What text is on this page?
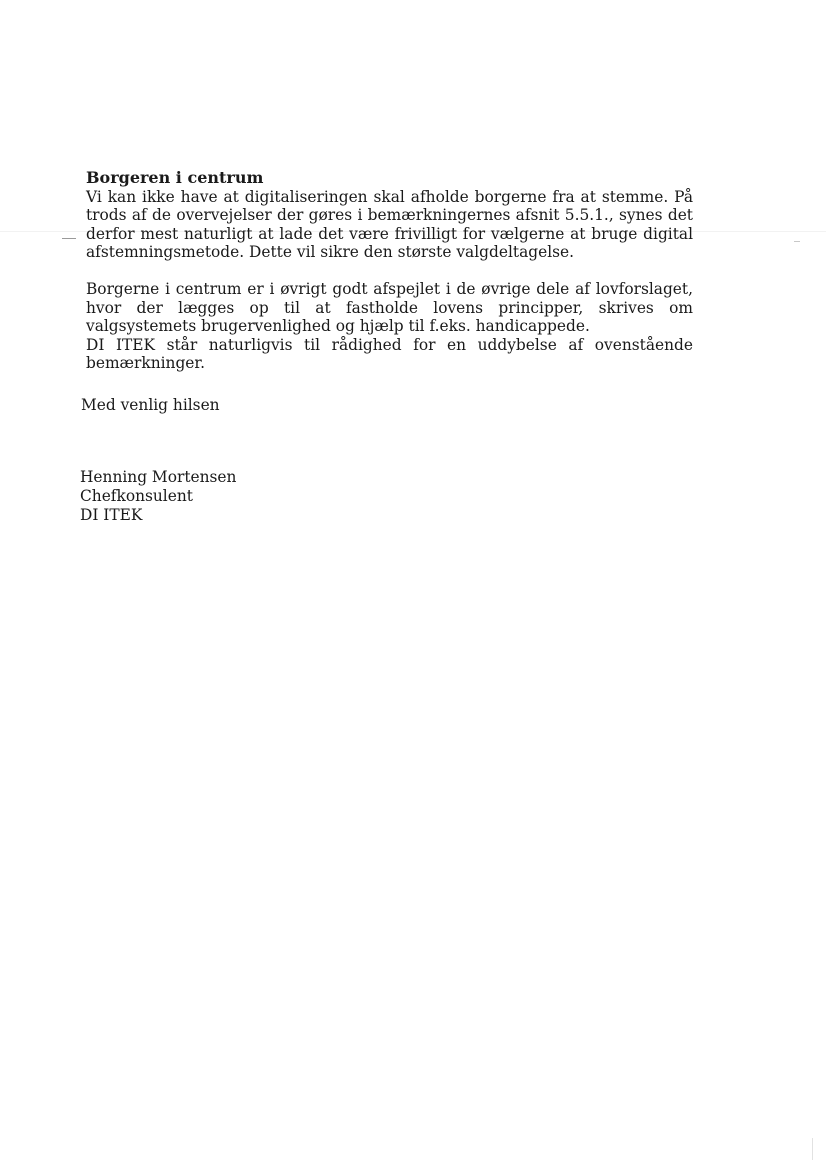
Borgeren i centrum

Vi kan ikke have at digitaliseringen skal afholde borgerne fra at stemme. På trods af de overvejelser der gøres i bemærkningernes afsnit 5.5.1., synes det derfor mest naturligt at lade det være frivilligt for vælgerne at bruge digital afstemningsmetode. Dette vil sikre den største valgdeltagelse.

Borgerne i centrum er i øvrigt godt afspejlet i de øvrige dele af lovforslaget, hvor der lægges op til at fastholde lovens principper, skrives om valgsystemets brugervenlighed og hjælp til f.eks. handicappede.

DI ITEK står naturligvis til rådighed for en uddybelse af ovenstående bemærkninger.

Med venlig hilsen
Henning Mortensen
Chefkonsulent
DI ITEK
